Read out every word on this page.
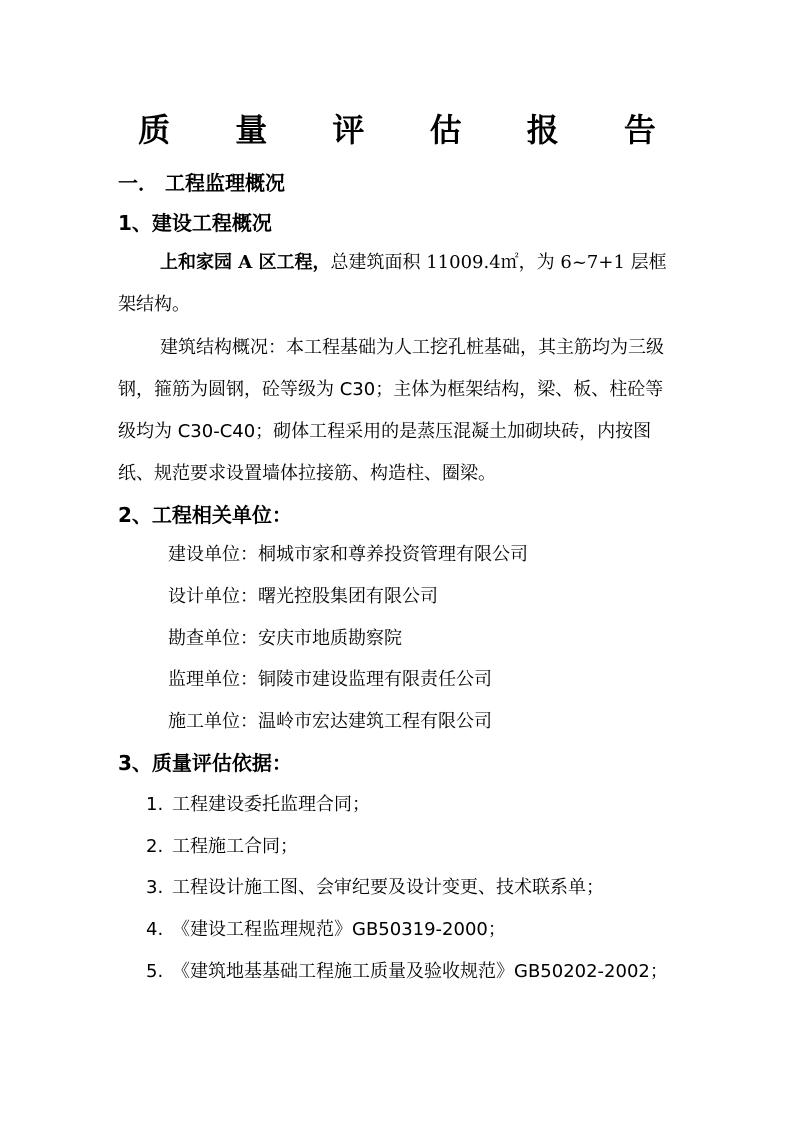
质 量 评 估 报 告

一． 工程监理概况

1、建设工程概况

上和家园 A 区工程，总建筑面积 11009.4㎡，为 6~7+1 层框架结构。

建筑结构概况：本工程基础为人工挖孔桩基础，其主筋均为三级钢，箍筋为圆钢，砼等级为 C30；主体为框架结构，梁、板、柱砼等级均为 C30-C40；砌体工程采用的是蒸压混凝土加砌块砖，内按图纸、规范要求设置墙体拉接筋、构造柱、圈梁。

2、工程相关单位：

建设单位：桐城市家和尊养投资管理有限公司

设计单位：曙光控股集团有限公司

勘查单位：安庆市地质勘察院

监理单位：铜陵市建设监理有限责任公司

施工单位：温岭市宏达建筑工程有限公司

3、质量评估依据：

1. 工程建设委托监理合同；

2. 工程施工合同；

3. 工程设计施工图、会审纪要及设计变更、技术联系单；

4. 《建设工程监理规范》GB50319-2000；

5. 《建筑地基基础工程施工质量及验收规范》GB50202-2002；
